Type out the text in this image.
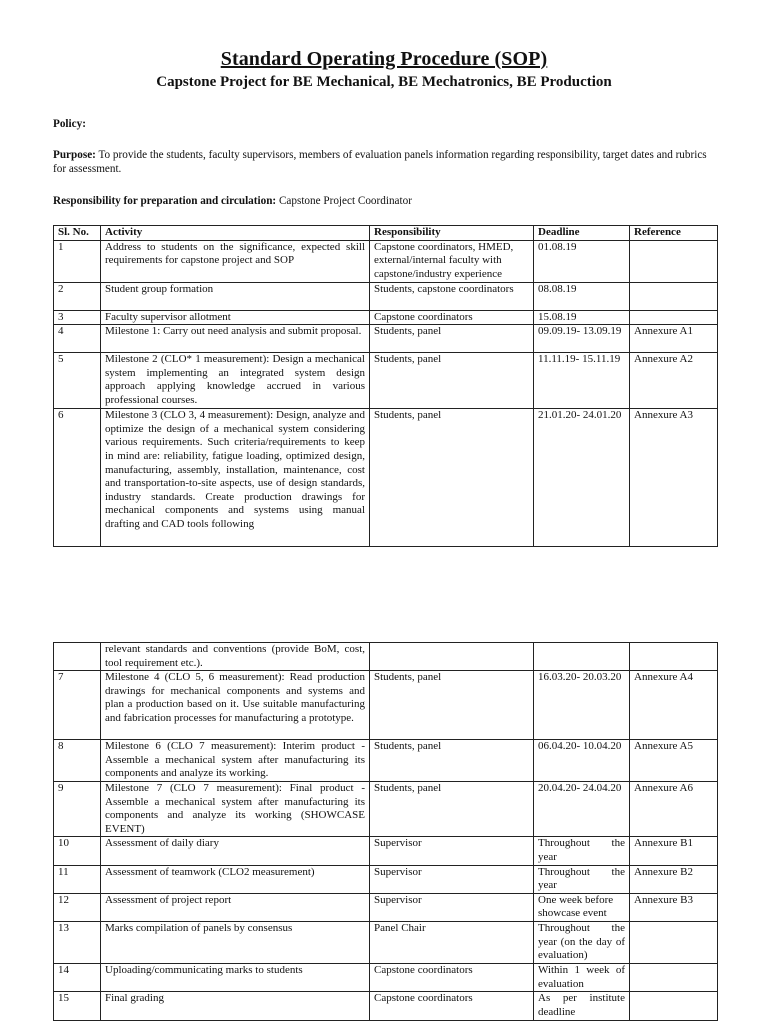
Standard Operating Procedure (SOP)
Capstone Project for BE Mechanical, BE Mechatronics, BE Production
Policy:
Purpose: To provide the students, faculty supervisors, members of evaluation panels information regarding responsibility, target dates and rubrics for assessment.
Responsibility for preparation and circulation: Capstone Project Coordinator
Sl. No.	Activity	Responsibility	Deadline	Reference
1	Address to students on the significance, expected skill requirements for capstone project and SOP	Capstone coordinators, HMED, external/internal faculty with capstone/industry experience	01.08.19	
2	Student group formation	Students, capstone coordinators	08.08.19	
3	Faculty supervisor allotment	Capstone coordinators	15.08.19	
4	Milestone 1: Carry out need analysis and submit proposal.	Students, panel	09.09.19- 13.09.19	Annexure A1
5	Milestone 2 (CLO* 1 measurement): Design a mechanical system implementing an integrated system design approach applying knowledge accrued in various professional courses.	Students, panel	11.11.19- 15.11.19	Annexure A2
6	Milestone 3 (CLO 3, 4 measurement): Design, analyze and optimize the design of a mechanical system considering various requirements. Such criteria/requirements to keep in mind are: reliability, fatigue loading, optimized design, manufacturing, assembly, installation, maintenance, cost and transportation-to-site aspects, use of design standards, industry standards. Create production drawings for mechanical components and systems using manual drafting and CAD tools following	Students, panel	21.01.20- 24.01.20	Annexure A3
	relevant standards and conventions (provide BoM, cost, tool requirement etc.).			
7	Milestone 4 (CLO 5, 6 measurement): Read production drawings for mechanical components and systems and plan a production based on it. Use suitable manufacturing and fabrication processes for manufacturing a prototype.	Students, panel	16.03.20- 20.03.20	Annexure A4
8	Milestone 6 (CLO 7 measurement): Interim product - Assemble a mechanical system after manufacturing its components and analyze its working.	Students, panel	06.04.20- 10.04.20	Annexure A5
9	Milestone 7 (CLO 7 measurement): Final product - Assemble a mechanical system after manufacturing its components and analyze its working (SHOWCASE EVENT)	Students, panel	20.04.20- 24.04.20	Annexure A6
10	Assessment of daily diary	Supervisor	Throughout the year	Annexure B1
11	Assessment of teamwork (CLO2 measurement)	Supervisor	Throughout the year	Annexure B2
12	Assessment of project report	Supervisor	One week before showcase event	Annexure B3
13	Marks compilation of panels by consensus	Panel Chair	Throughout the year (on the day of evaluation)	
14	Uploading/communicating marks to students	Capstone coordinators	Within 1 week of evaluation	
15	Final grading	Capstone coordinators	As per institute deadline	
